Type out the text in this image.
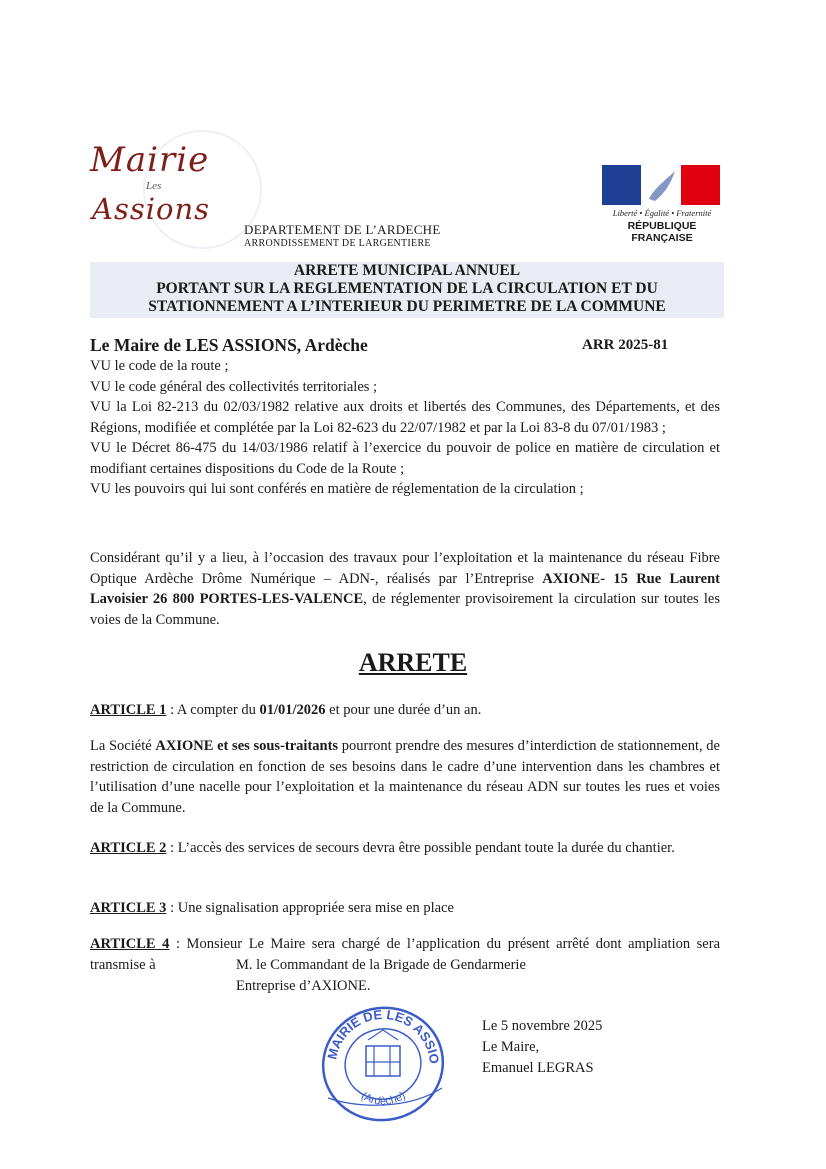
Mairie
Les
Assions
DEPARTEMENT DE L’ARDECHE
ARRONDISSEMENT DE LARGENTIERE
Liberté • Égalité • Fraternité
RÉPUBLIQUE FRANÇAISE
ARRETE MUNICIPAL ANNUEL
PORTANT SUR LA REGLEMENTATION DE LA CIRCULATION ET DU
STATIONNEMENT A L’INTERIEUR DU PERIMETRE DE LA COMMUNE
Le Maire de LES ASSIONS, Ardèche	ARR 2025-81

VU le code de la route ;

VU le code général des collectivités territoriales ;

VU la Loi 82-213 du 02/03/1982 relative aux droits et libertés des Communes, des Départements, et des Régions, modifiée et complétée par la Loi 82-623 du 22/07/1982 et par la Loi 83-8 du 07/01/1983 ;

VU le Décret 86-475 du 14/03/1986 relatif à l’exercice du pouvoir de police en matière de circulation et modifiant certaines dispositions du Code de la Route ;

VU les pouvoirs qui lui sont conférés en matière de réglementation de la circulation ;

Considérant qu’il y a lieu, à l’occasion des travaux pour l’exploitation et la maintenance du réseau Fibre Optique Ardèche Drôme Numérique – ADN-, réalisés par l’Entreprise AXIONE- 15 Rue Laurent Lavoisier 26 800 PORTES-LES-VALENCE, de réglementer provisoirement la circulation sur toutes les voies de la Commune.
ARRETE
ARTICLE 1 : A compter du 01/01/2026 et pour une durée d’un an.
La Société AXIONE et ses sous-traitants pourront prendre des mesures d’interdiction de stationnement, de restriction de circulation en fonction de ses besoins dans le cadre d’une intervention dans les chambres et l’utilisation d’une nacelle pour l’exploitation et la maintenance du réseau ADN sur toutes les rues et voies de la Commune.
ARTICLE 2 : L’accès des services de secours devra être possible pendant toute la durée du chantier.
ARTICLE 3 : Une signalisation appropriée sera mise en place
ARTICLE 4 : Monsieur Le Maire sera chargé de l’application du présent arrêté dont ampliation sera transmise à	M. le Commandant de la Brigade de Gendarmerie
Entreprise d’AXIONE.
MAIRIE DE LES ASSIO
(Ardèche)
Le 5 novembre 2025
Le Maire,
Emanuel LEGRAS
